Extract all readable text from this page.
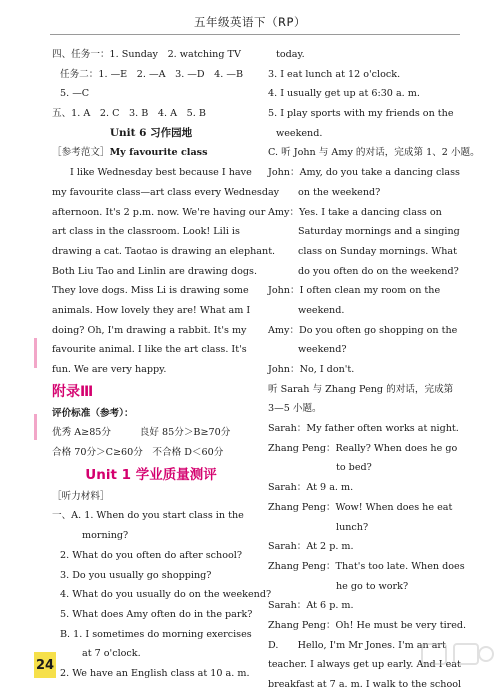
五年级英语下（RP）
四、任务一：1. Sunday　2. watching TV
任务二：1. —E　2. —A　3. —D　4. —B
5. —C
五、1. A　2. C　3. B　4. A　5. B
Unit 6 习作园地
［参考范文］My favourite class
I like Wednesday best because I have
my favourite class—art class every Wednesday
afternoon. It's 2 p.m. now. We're having our
art class in the classroom. Look! Lili is
drawing a cat. Taotao is drawing an elephant.
Both Liu Tao and Linlin are drawing dogs.
They love dogs. Miss Li is drawing some
animals. How lovely they are! What am I
doing? Oh, I'm drawing a rabbit. It's my
favourite animal. I like the art class. It's
fun. We are very happy.
附录Ⅲ
评价标准（参考）：
优秀 A≥85分　　　良好 85分＞B≥70分
合格 70分＞C≥60分　不合格 D＜60分
Unit 1 学业质量测评
［听力材料］
一、A. 1. When do you start class in the
morning?
2. What do you often do after school?
3. Do you usually go shopping?
4. What do you usually do on the weekend?
5. What does Amy often do in the park?
B. 1. I sometimes do morning exercises
at 7 o'clock.
2. We have an English class at 10 a. m.
today.
3. I eat lunch at 12 o'clock.
4. I usually get up at 6:30 a. m.
5. I play sports with my friends on the
weekend.
C. 听 John 与 Amy 的对话，完成第 1、2 小题。
John：Amy, do you take a dancing class
on the weekend?
Amy：Yes. I take a dancing class on
Saturday mornings and a singing
class on Sunday mornings. What
do you often do on the weekend?
John：I often clean my room on the
weekend.
Amy：Do you often go shopping on the
weekend?
John：No, I don't.
听 Sarah 与 Zhang Peng 的对话，完成第
3—5 小题。
Sarah：My father often works at night.
Zhang Peng：Really? When does he go
to bed?
Sarah：At 9 a. m.
Zhang Peng：Wow! When does he eat
lunch?
Sarah：At 2 p. m.
Zhang Peng：That's too late. When does
he go to work?
Sarah：At 6 p. m.
Zhang Peng：Oh! He must be very tired.
D.　　Hello, I'm Mr Jones. I'm an art
teacher. I always get up early. And I eat
breakfast at 7 a. m. I walk to the school
24
